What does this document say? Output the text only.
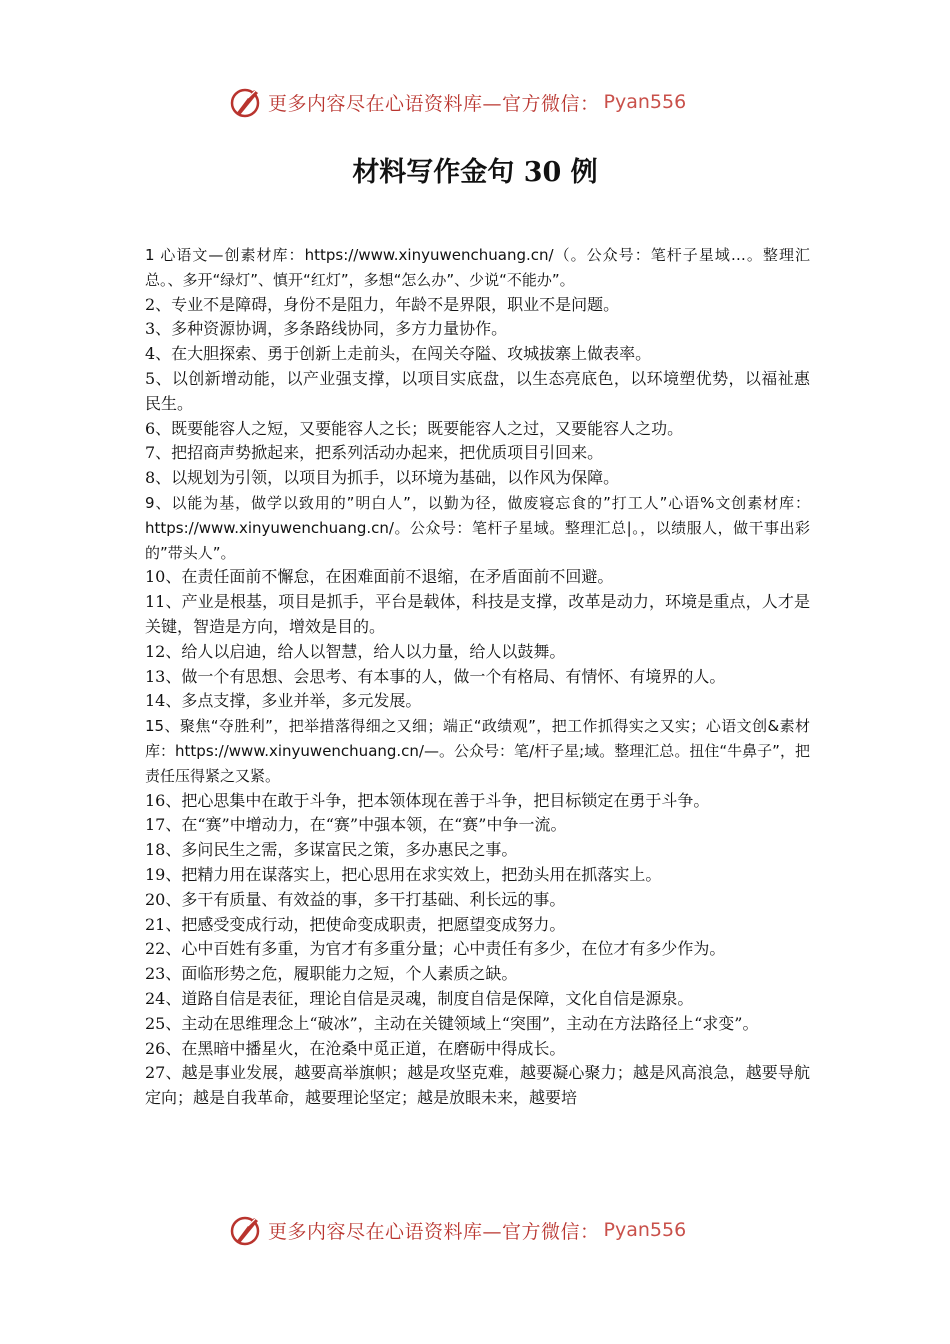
更多内容尽在心语资料库—官方微信： Pyan556
材料写作金句 30 例

1 心语文—创素材库：https://www.xinyuwenchuang.cn/（。公众号：笔杆子星域…。整理汇总。、多开“绿灯”、慎开“红灯”，多想“怎么办”、少说“不能办”。

2、专业不是障碍，身份不是阻力，年龄不是界限，职业不是问题。

3、多种资源协调，多条路线协同，多方力量协作。

4、在大胆探索、勇于创新上走前头，在闯关夺隘、攻城拔寨上做表率。

5、以创新增动能，以产业强支撑，以项目实底盘，以生态亮底色，以环境塑优势，以福祉惠民生。

6、既要能容人之短，又要能容人之长；既要能容人之过，又要能容人之功。

7、把招商声势掀起来，把系列活动办起来，把优质项目引回来。

8、以规划为引领，以项目为抓手，以环境为基础，以作风为保障。

9、以能为基，做学以致用的”明白人”，以勤为径，做废寝忘食的”打工人”心语%文创素材库：https://www.xinyuwenchuang.cn/。公众号：笔杆子星域。整理汇总|。，以绩服人，做干事出彩的”带头人”。

10、在责任面前不懈怠，在困难面前不退缩，在矛盾面前不回避。

11、产业是根基，项目是抓手，平台是载体，科技是支撑，改革是动力，环境是重点，人才是关键，智造是方向，增效是目的。

12、给人以启迪，给人以智慧，给人以力量，给人以鼓舞。

13、做一个有思想、会思考、有本事的人，做一个有格局、有情怀、有境界的人。

14、多点支撑，多业并举，多元发展。

15、聚焦“夺胜利”，把举措落得细之又细；端正“政绩观”，把工作抓得实之又实；心语文创&素材库：https://www.xinyuwenchuang.cn/—。公众号：笔/杆子星;域。整理汇总。扭住“牛鼻子”，把责任压得紧之又紧。

16、把心思集中在敢于斗争，把本领体现在善于斗争，把目标锁定在勇于斗争。

17、在“赛”中增动力，在“赛”中强本领，在“赛”中争一流。

18、多问民生之需，多谋富民之策，多办惠民之事。

19、把精力用在谋落实上，把心思用在求实效上，把劲头用在抓落实上。

20、多干有质量、有效益的事，多干打基础、利长远的事。

21、把感受变成行动，把使命变成职责，把愿望变成努力。

22、心中百姓有多重，为官才有多重分量；心中责任有多少，在位才有多少作为。

23、面临形势之危，履职能力之短，个人素质之缺。

24、道路自信是表征，理论自信是灵魂，制度自信是保障，文化自信是源泉。

25、主动在思维理念上“破冰”，主动在关键领域上“突围”，主动在方法路径上“求变”。

26、在黑暗中播星火，在沧桑中觅正道，在磨砺中得成长。

27、越是事业发展，越要高举旗帜；越是攻坚克难，越要凝心聚力；越是风高浪急，越要导航定向；越是自我革命，越要理论坚定；越是放眼未来，越要培

更多内容尽在心语资料库—官方微信： Pyan556
